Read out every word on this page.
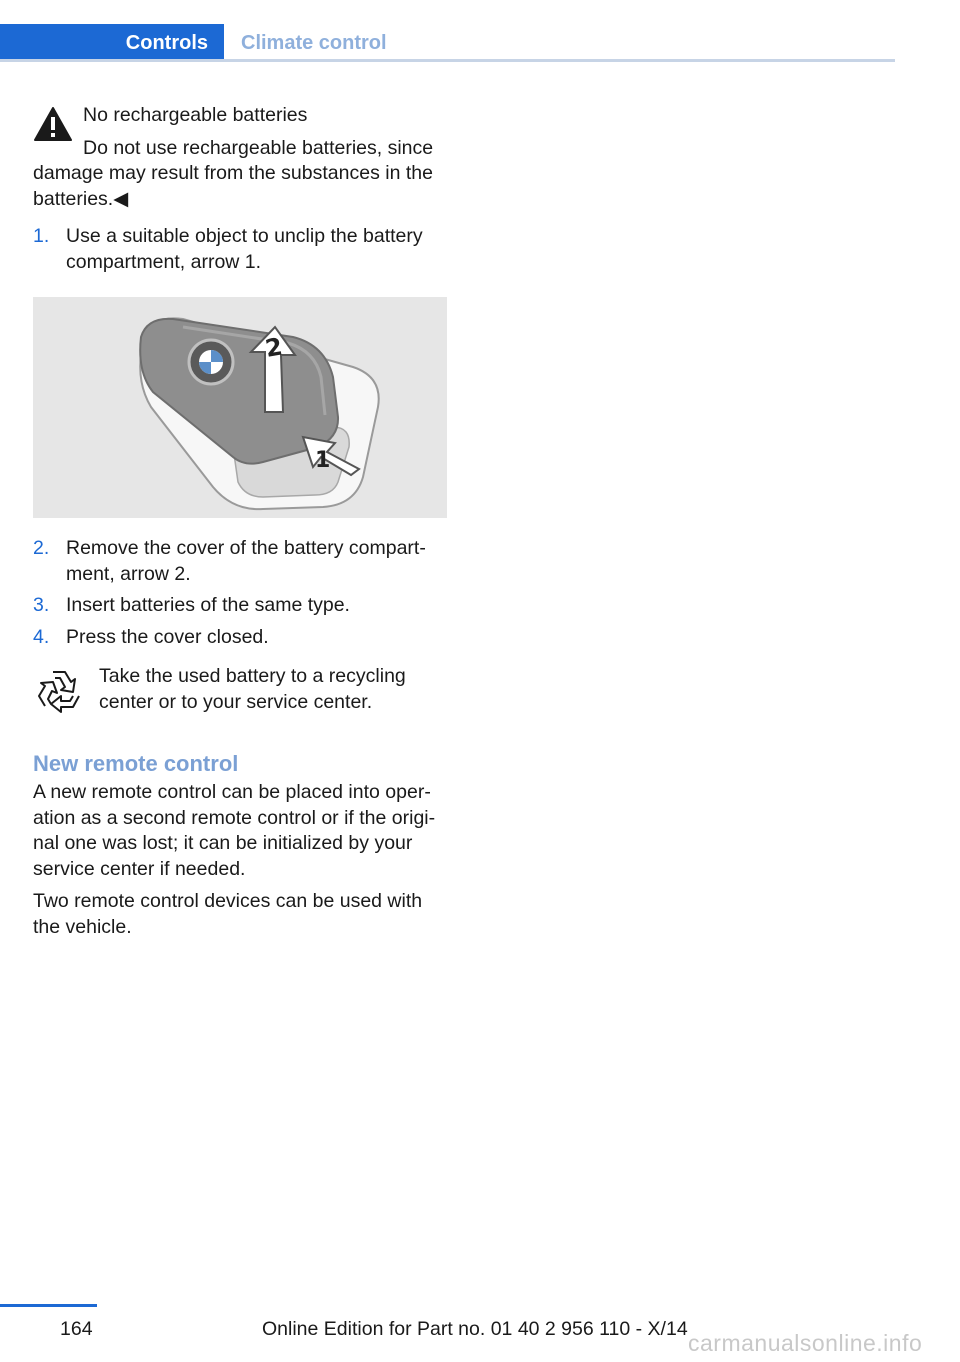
Controls	Climate control
No rechargeable batteries
Do not use rechargeable batteries, since damage may result from the substances in the batteries.◀
1. Use a suitable object to unclip the battery compartment, arrow 1.
2
1
2. Remove the cover of the battery compartment, arrow 2.
3. Insert batteries of the same type.
4. Press the cover closed.
Take the used battery to a recycling center or to your service center.
New remote control
A new remote control can be placed into operation as a second remote control or if the original one was lost; it can be initialized by your service center if needed.
Two remote control devices can be used with the vehicle.
164	Online Edition for Part no. 01 40 2 956 110 - X/14
carmanualsonline.info
